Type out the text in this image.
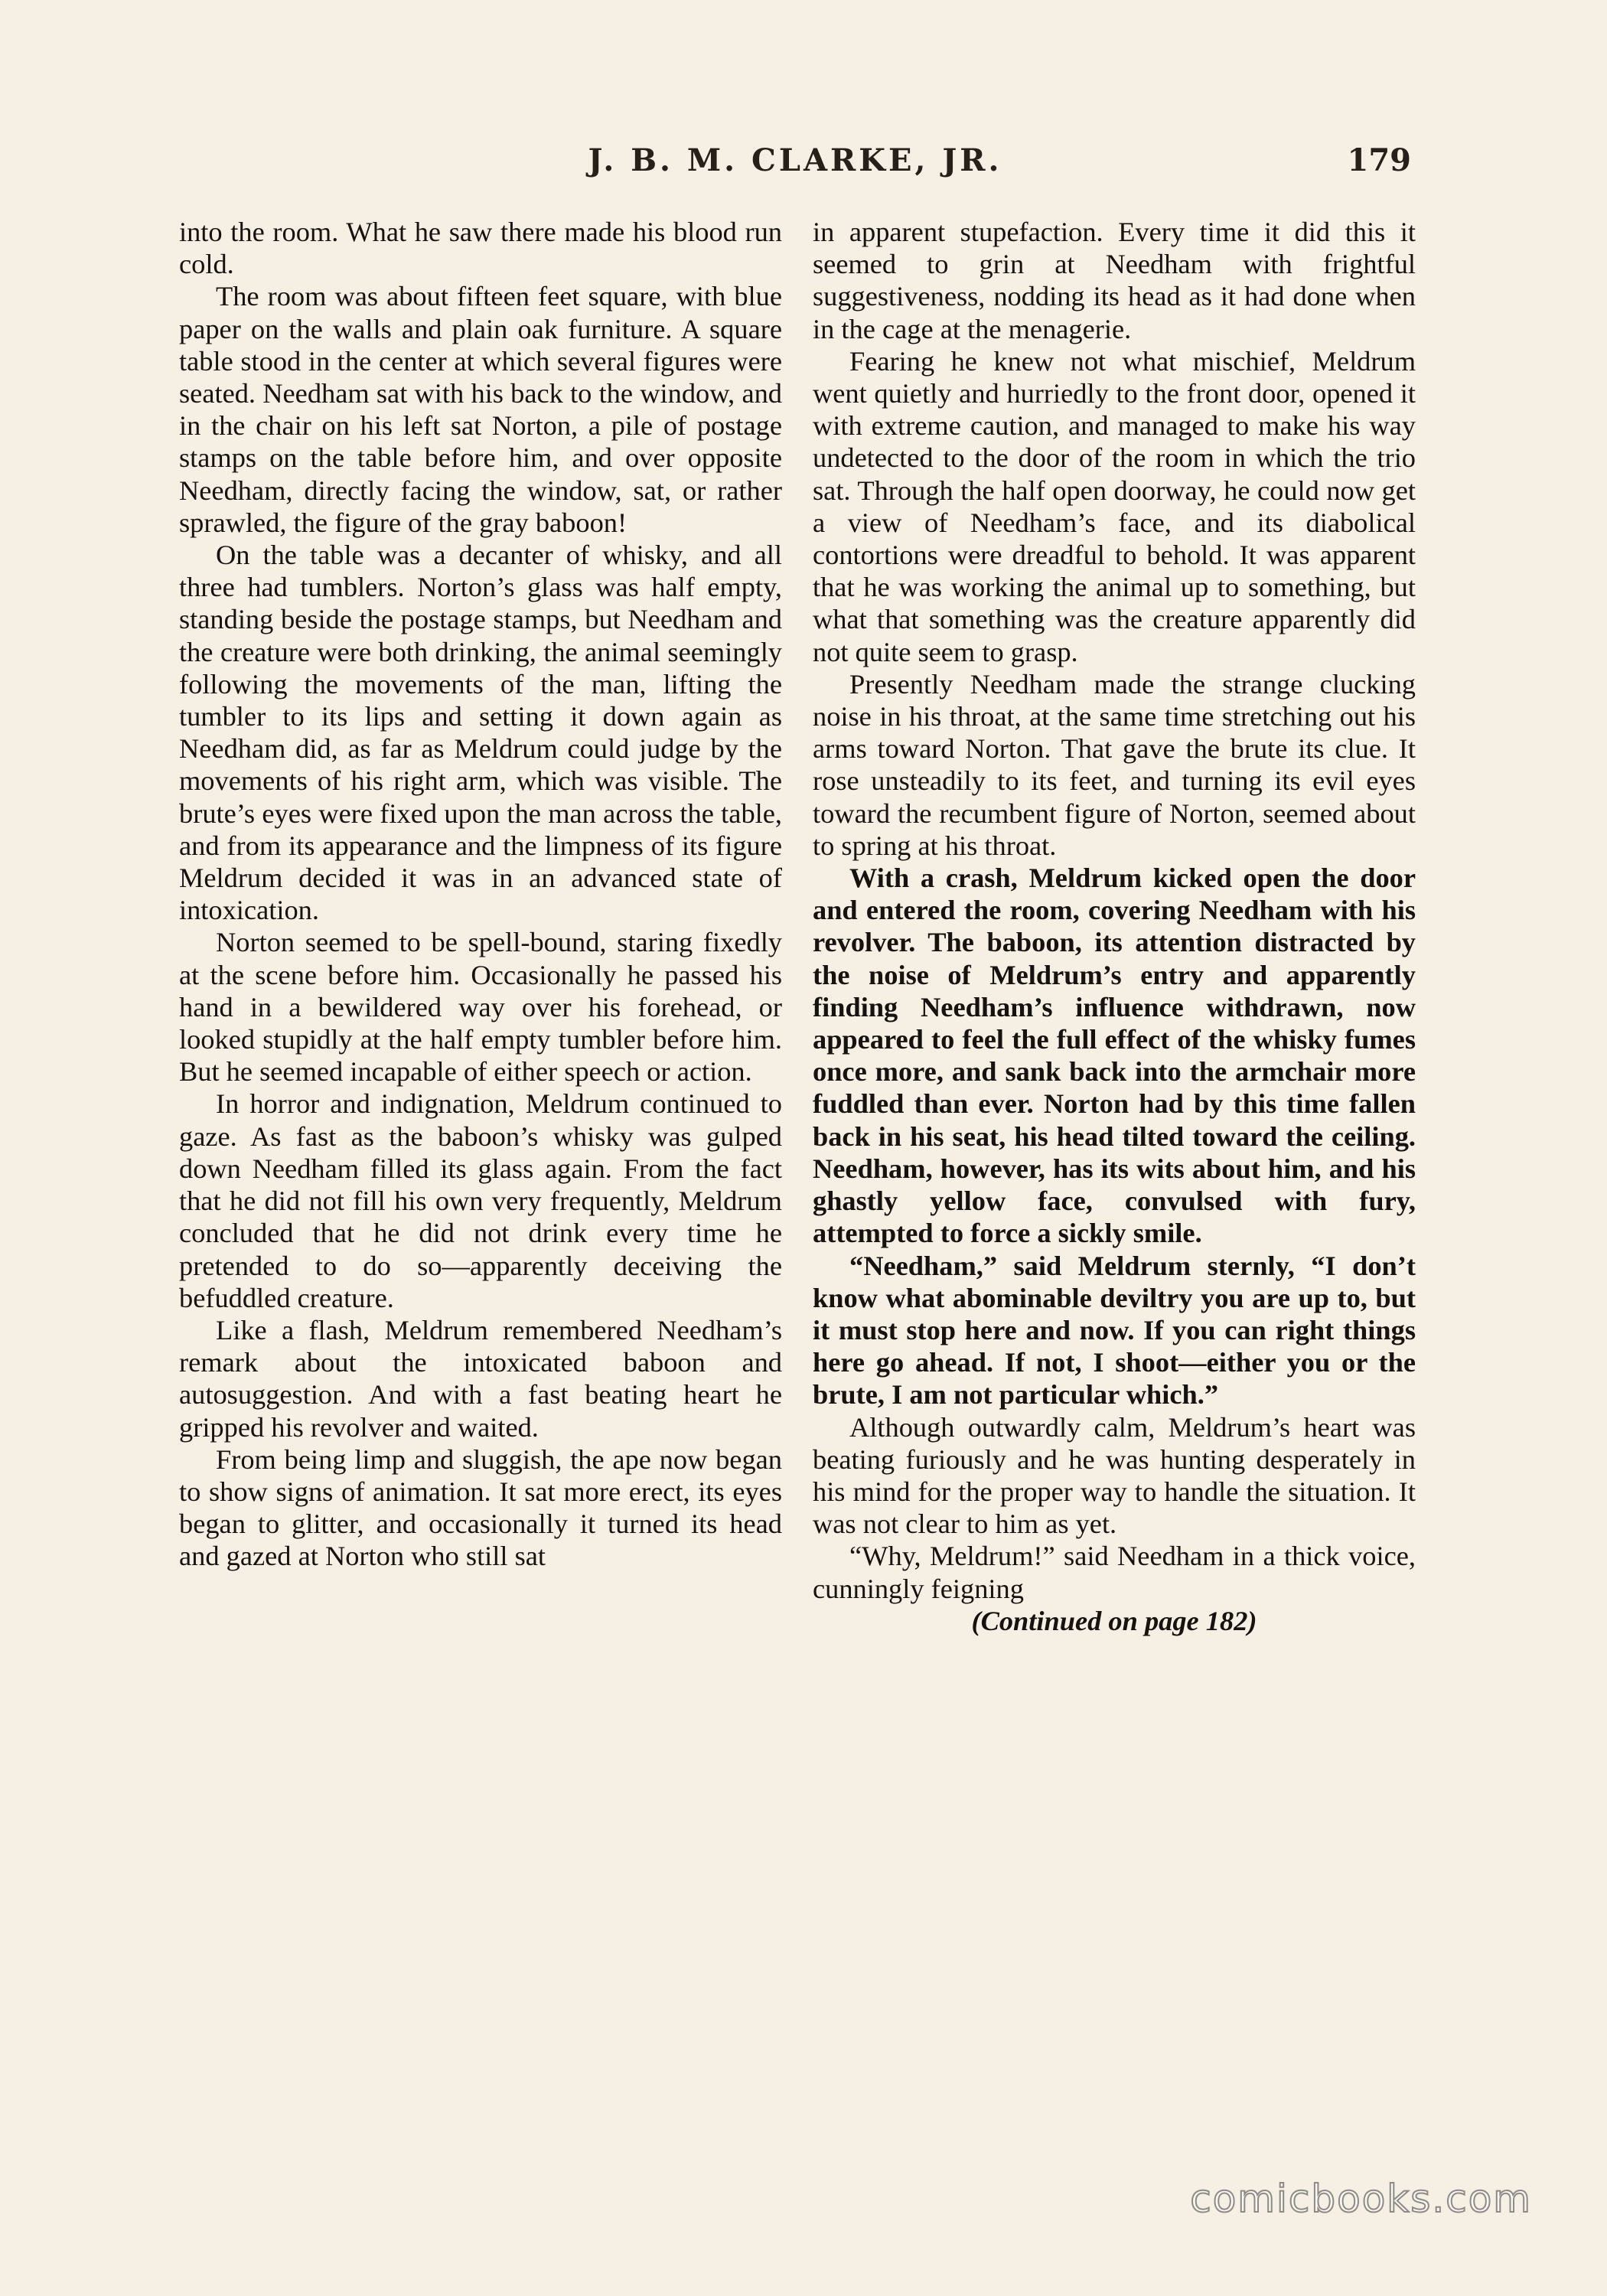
J. B. M. CLARKE, JR.	179

into the room. What he saw there made his blood run cold.

The room was about fifteen feet square, with blue paper on the walls and plain oak furniture. A square table stood in the center at which several figures were seated. Needham sat with his back to the window, and in the chair on his left sat Norton, a pile of postage stamps on the table before him, and over opposite Needham, directly facing the window, sat, or rather sprawled, the figure of the gray baboon!

On the table was a decanter of whisky, and all three had tumblers. Norton’s glass was half empty, standing beside the postage stamps, but Needham and the creature were both drinking, the animal seemingly following the movements of the man, lifting the tumbler to its lips and setting it down again as Needham did, as far as Meldrum could judge by the movements of his right arm, which was visible. The brute’s eyes were fixed upon the man across the table, and from its appearance and the limpness of its figure Meldrum decided it was in an advanced state of intoxication.

Norton seemed to be spell-bound, staring fixedly at the scene before him. Occasionally he passed his hand in a bewildered way over his forehead, or looked stupidly at the half empty tumbler before him. But he seemed incapable of either speech or action.

In horror and indignation, Meldrum continued to gaze. As fast as the baboon’s whisky was gulped down Needham filled its glass again. From the fact that he did not fill his own very frequently, Meldrum concluded that he did not drink every time he pretended to do so—apparently deceiving the befuddled creature.

Like a flash, Meldrum remembered Needham’s remark about the intoxicated baboon and autosuggestion. And with a fast beating heart he gripped his revolver and waited.

From being limp and sluggish, the ape now began to show signs of animation. It sat more erect, its eyes began to glitter, and occasionally it turned its head and gazed at Norton who still sat

in apparent stupefaction. Every time it did this it seemed to grin at Needham with frightful suggestiveness, nodding its head as it had done when in the cage at the menagerie.

Fearing he knew not what mischief, Meldrum went quietly and hurriedly to the front door, opened it with extreme caution, and managed to make his way undetected to the door of the room in which the trio sat. Through the half open doorway, he could now get a view of Needham’s face, and its diabolical contortions were dreadful to behold. It was apparent that he was working the animal up to something, but what that something was the creature apparently did not quite seem to grasp.

Presently Needham made the strange clucking noise in his throat, at the same time stretching out his arms toward Norton. That gave the brute its clue. It rose unsteadily to its feet, and turning its evil eyes toward the recumbent figure of Norton, seemed about to spring at his throat.

With a crash, Meldrum kicked open the door and entered the room, covering Needham with his revolver. The baboon, its attention distracted by the noise of Meldrum’s entry and apparently finding Needham’s influence withdrawn, now appeared to feel the full effect of the whisky fumes once more, and sank back into the armchair more fuddled than ever. Norton had by this time fallen back in his seat, his head tilted toward the ceiling. Needham, however, has its wits about him, and his ghastly yellow face, convulsed with fury, attempted to force a sickly smile.

“Needham,” said Meldrum sternly, “I don’t know what abominable deviltry you are up to, but it must stop here and now. If you can right things here go ahead. If not, I shoot—either you or the brute, I am not particular which.”

Although outwardly calm, Meldrum’s heart was beating furiously and he was hunting desperately in his mind for the proper way to handle the situation. It was not clear to him as yet.

“Why, Meldrum!” said Needham in a thick voice, cunningly feigning

(Continued on page 182)

comicbooks.com
